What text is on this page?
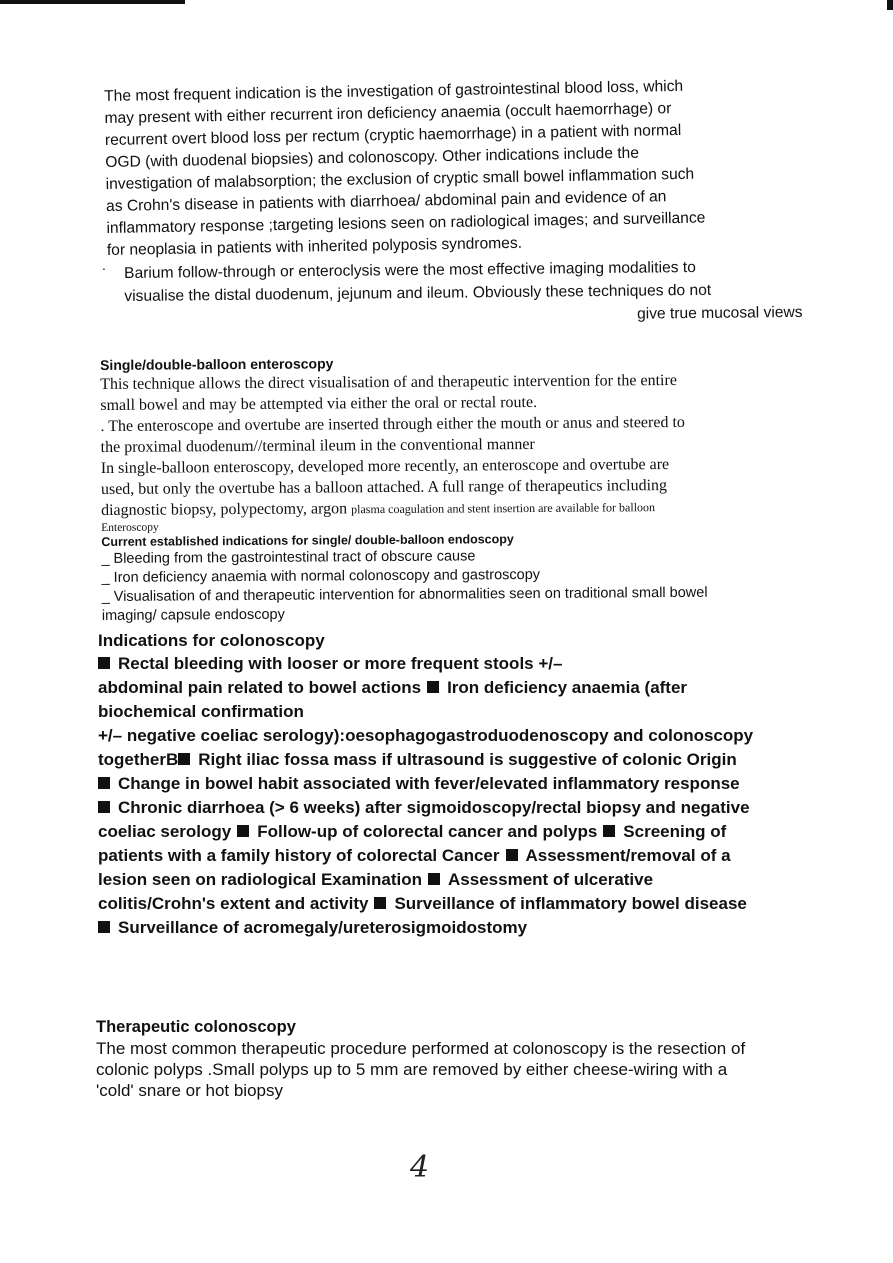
The most frequent indication is the investigation of gastrointestinal blood loss, which
may present with either recurrent iron deficiency anaemia (occult haemorrhage) or
recurrent overt blood loss per rectum (cryptic haemorrhage) in a patient with normal
OGD (with duodenal biopsies) and colonoscopy. Other indications include the
investigation of malabsorption; the exclusion of cryptic small bowel inflammation such
as Crohn's disease in patients with diarrhoea/ abdominal pain and evidence of an
inflammatory response ;targeting lesions seen on radiological images; and surveillance
for neoplasia in patients with inherited polyposis syndromes.
. Barium follow-through or enteroclysis were the most effective imaging modalities to
visualise the distal duodenum, jejunum and ileum. Obviously these techniques do not
give true mucosal views
Single/double-balloon enteroscopy
This technique allows the direct visualisation of and therapeutic intervention for the entire
small bowel and may be attempted via either the oral or rectal route.
. The enteroscope and overtube are inserted through either the mouth or anus and steered to
the proximal duodenum//terminal ileum in the conventional manner
In single-balloon enteroscopy, developed more recently, an enteroscope and overtube are
used, but only the overtube has a balloon attached. A full range of therapeutics including
diagnostic biopsy, polypectomy, argon plasma coagulation and stent insertion are available for balloon
Enteroscopy
Current established indications for single/ double-balloon endoscopy
_ Bleeding from the gastrointestinal tract of obscure cause
_ Iron deficiency anaemia with normal colonoscopy and gastroscopy
_ Visualisation of and therapeutic intervention for abnormalities seen on traditional small bowel
imaging/ capsule endoscopy
Indications for colonoscopy
Rectal bleeding with looser or more frequent stools +/–
abdominal pain related to bowel actions Iron deficiency anaemia (after
biochemical confirmation
+/– negative coeliac serology):oesophagogastroduodenoscopy and colonoscopy
togetherB Right iliac fossa mass if ultrasound is suggestive of colonic Origin
Change in bowel habit associated with fever/elevated inflammatory response
Chronic diarrhoea (> 6 weeks) after sigmoidoscopy/rectal biopsy and negative
coeliac serology Follow-up of colorectal cancer and polyps Screening of
patients with a family history of colorectal Cancer Assessment/removal of a
lesion seen on radiological Examination Assessment of ulcerative
colitis/Crohn's extent and activity Surveillance of inflammatory bowel disease
Surveillance of acromegaly/ureterosigmoidostomy
Therapeutic colonoscopy
The most common therapeutic procedure performed at colonoscopy is the resection of
colonic polyps .Small polyps up to 5 mm are removed by either cheese-wiring with a
'cold' snare or hot biopsy
4
